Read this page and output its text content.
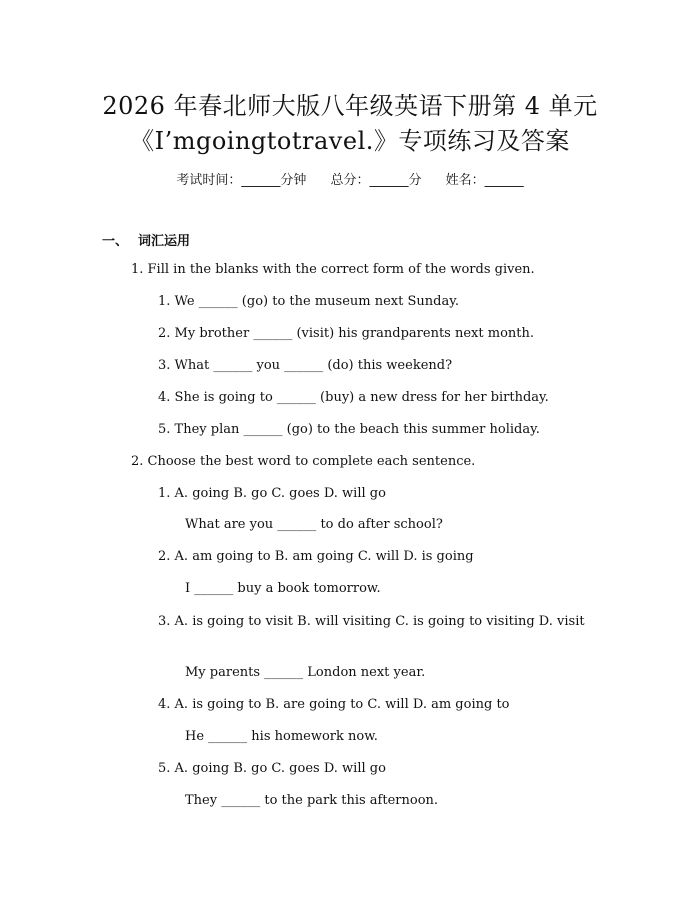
2026 年春北师大版八年级英语下册第 4 单元
《I’mgoingtotravel.》专项练习及答案
考试时间：______分钟 总分：______分 姓名：______
一、 词汇运用
1. Fill in the blanks with the correct form of the words given.
1. We ______ (go) to the museum next Sunday.
2. My brother ______ (visit) his grandparents next month.
3. What ______ you ______ (do) this weekend?
4. She is going to ______ (buy) a new dress for her birthday.
5. They plan ______ (go) to the beach this summer holiday.
2. Choose the best word to complete each sentence.
1. A. going B. go C. goes D. will go
What are you ______ to do after school?
2. A. am going to B. am going C. will D. is going
I ______ buy a book tomorrow.
3. A. is going to visit B. will visiting C. is going to visiting D. visit
My parents ______ London next year.
4. A. is going to B. are going to C. will D. am going to
He ______ his homework now.
5. A. going B. go C. goes D. will go
They ______ to the park this afternoon.
